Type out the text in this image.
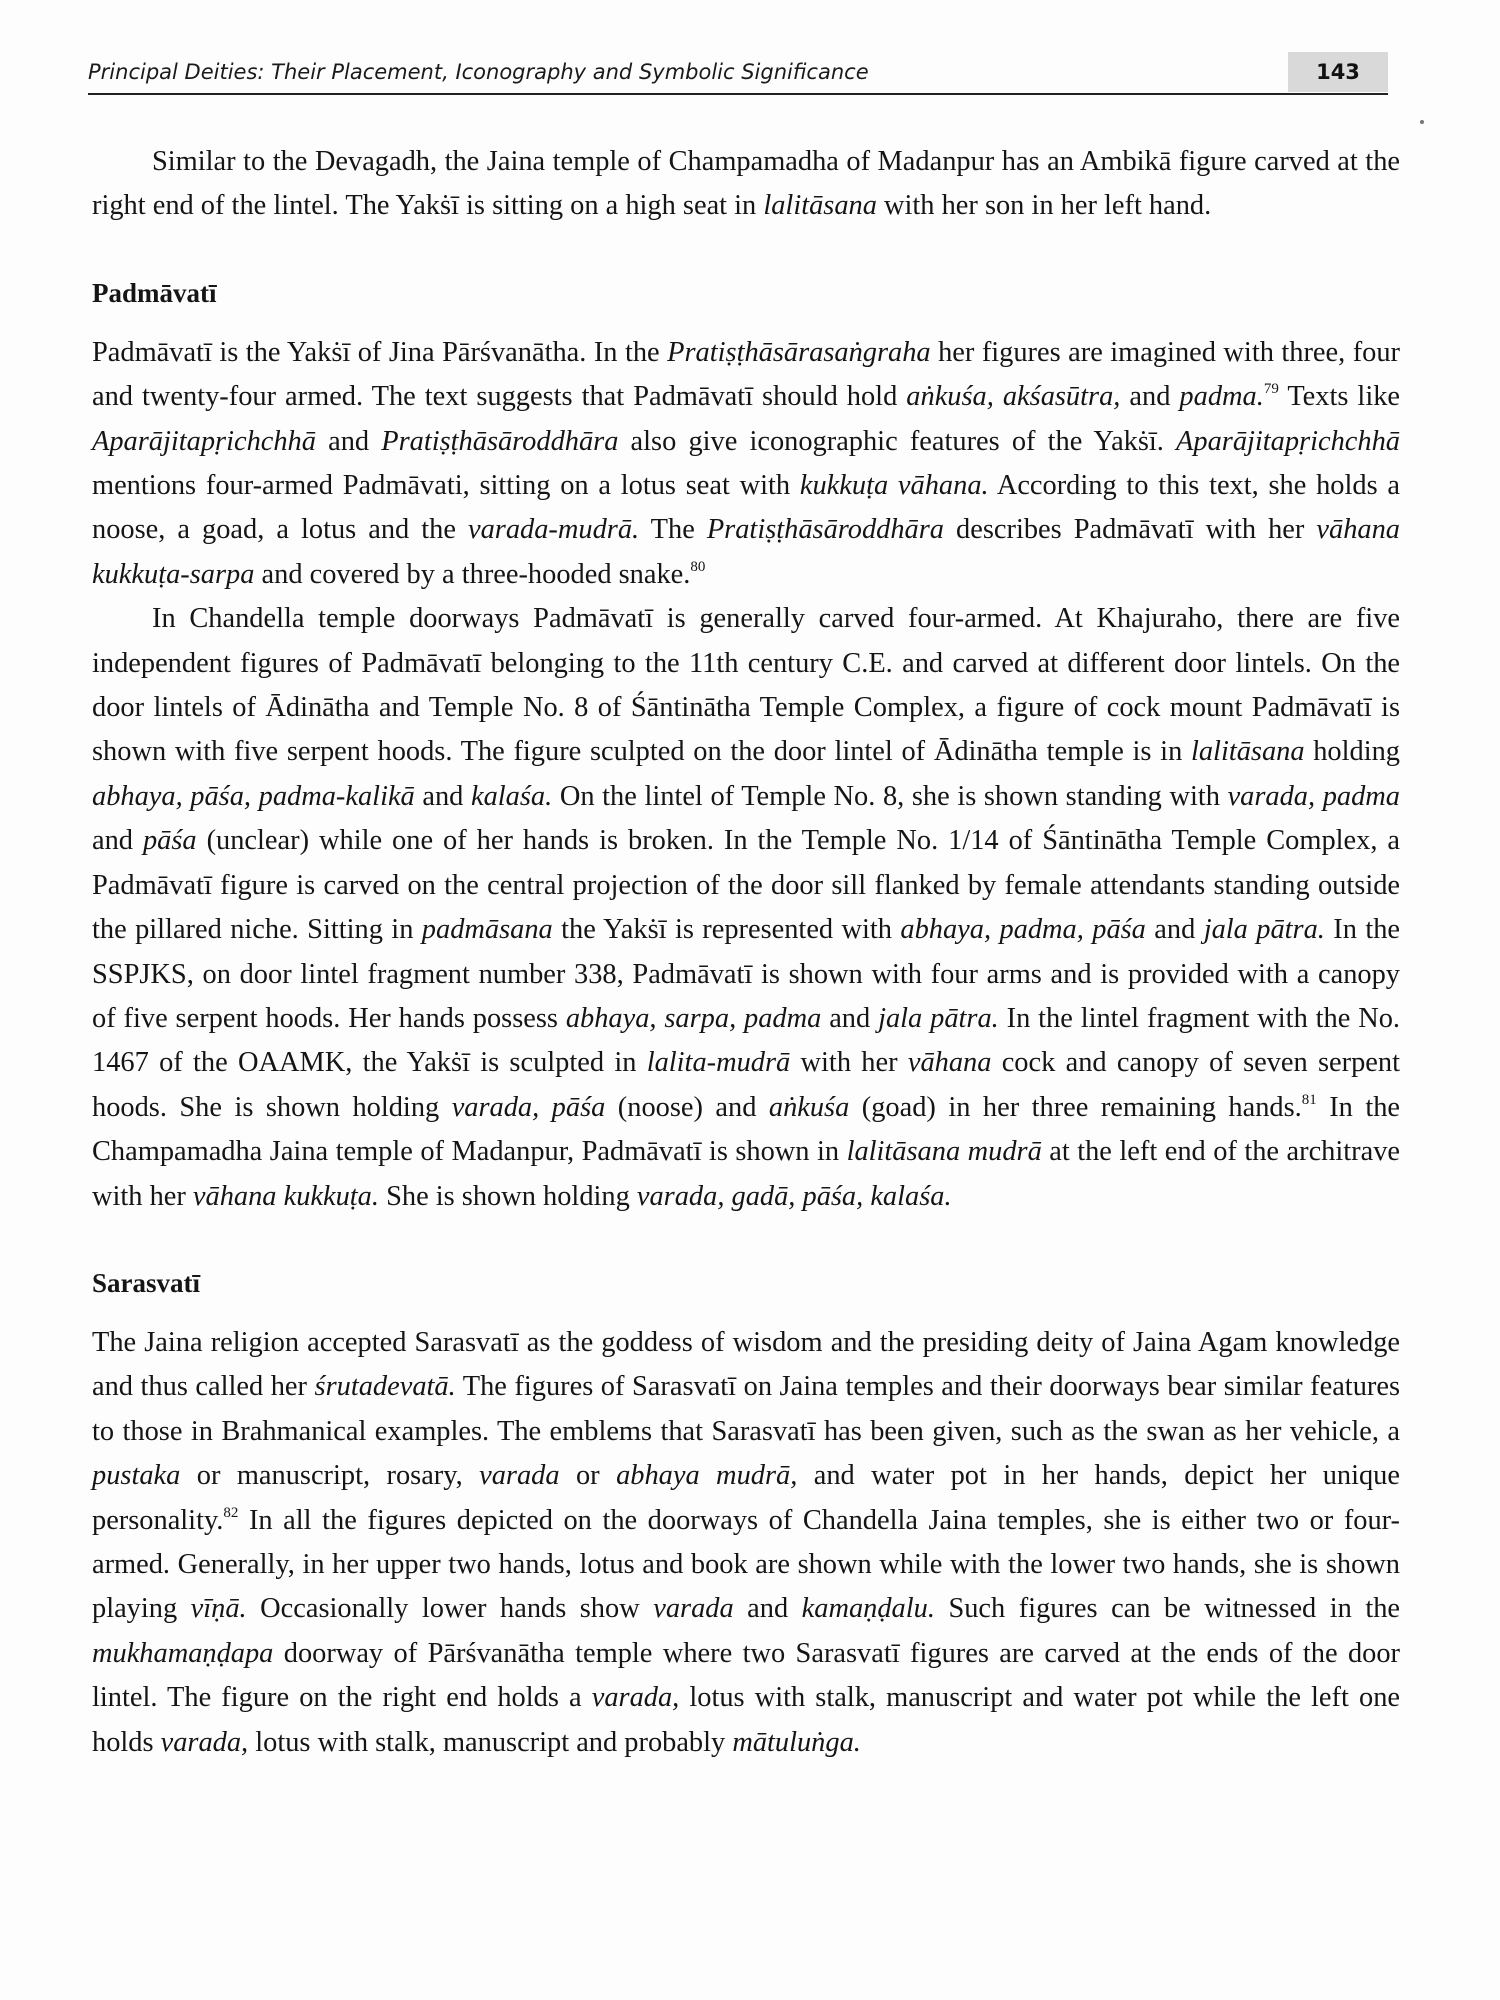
Principal Deities: Their Placement, Iconography and Symbolic Significance	143

Similar to the Devagadh, the Jaina temple of Champamadha of Madanpur has an Ambikā figure carved at the right end of the lintel. The Yakṡī is sitting on a high seat in lalitāsana with her son in her left hand.

Padmāvatī

Padmāvatī is the Yakṡī of Jina Pārśvanātha. In the Pratiṣṭhāsārasaṅgraha her figures are imagined with three, four and twenty-four armed. The text suggests that Padmāvatī should hold aṅkuśa, akśasūtra, and padma.$^{79}$ Texts like Aparājitapṛichchhā and Pratiṣṭhāsāroddhāra also give iconographic features of the Yakṡī. Aparājitapṛichchhā mentions four-armed Padmāvati, sitting on a lotus seat with kukkuṭa vāhana. According to this text, she holds a noose, a goad, a lotus and the varada-mudrā. The Pratiṣṭhāsāroddhāra describes Padmāvatī with her vāhana kukkuṭa-sarpa and covered by a three-hooded snake.$^{80}$

In Chandella temple doorways Padmāvatī is generally carved four-armed. At Khajuraho, there are five independent figures of Padmāvatī belonging to the 11th century C.E. and carved at different door lintels. On the door lintels of Ādinātha and Temple No. 8 of Śāntinātha Temple Complex, a figure of cock mount Padmāvatī is shown with five serpent hoods. The figure sculpted on the door lintel of Ādinātha temple is in lalitāsana holding abhaya, pāśa, padma-kalikā and kalaśa. On the lintel of Temple No. 8, she is shown standing with varada, padma and pāśa (unclear) while one of her hands is broken. In the Temple No. 1/14 of Śāntinātha Temple Complex, a Padmāvatī figure is carved on the central projection of the door sill flanked by female attendants standing outside the pillared niche. Sitting in padmāsana the Yakṡī is represented with abhaya, padma, pāśa and jala pātra. In the SSPJKS, on door lintel fragment number 338, Padmāvatī is shown with four arms and is provided with a canopy of five serpent hoods. Her hands possess abhaya, sarpa, padma and jala pātra. In the lintel fragment with the No. 1467 of the OAAMK, the Yakṡī is sculpted in lalita-mudrā with her vāhana cock and canopy of seven serpent hoods. She is shown holding varada, pāśa (noose) and aṅkuśa (goad) in her three remaining hands.$^{81}$ In the Champamadha Jaina temple of Madanpur, Padmāvatī is shown in lalitāsana mudrā at the left end of the architrave with her vāhana kukkuṭa. She is shown holding varada, gadā, pāśa, kalaśa.

Sarasvatī

The Jaina religion accepted Sarasvatī as the goddess of wisdom and the presiding deity of Jaina Agam knowledge and thus called her śrutadevatā. The figures of Sarasvatī on Jaina temples and their doorways bear similar features to those in Brahmanical examples. The emblems that Sarasvatī has been given, such as the swan as her vehicle, a pustaka or manuscript, rosary, varada or abhaya mudrā, and water pot in her hands, depict her unique personality.$^{82}$ In all the figures depicted on the doorways of Chandella Jaina temples, she is either two or four-armed. Generally, in her upper two hands, lotus and book are shown while with the lower two hands, she is shown playing vīṇā. Occasionally lower hands show varada and kamaṇḍalu. Such figures can be witnessed in the mukhamaṇḍapa doorway of Pārśvanātha temple where two Sarasvatī figures are carved at the ends of the door lintel. The figure on the right end holds a varada, lotus with stalk, manuscript and water pot while the left one holds varada, lotus with stalk, manuscript and probably mātuluṅga.
